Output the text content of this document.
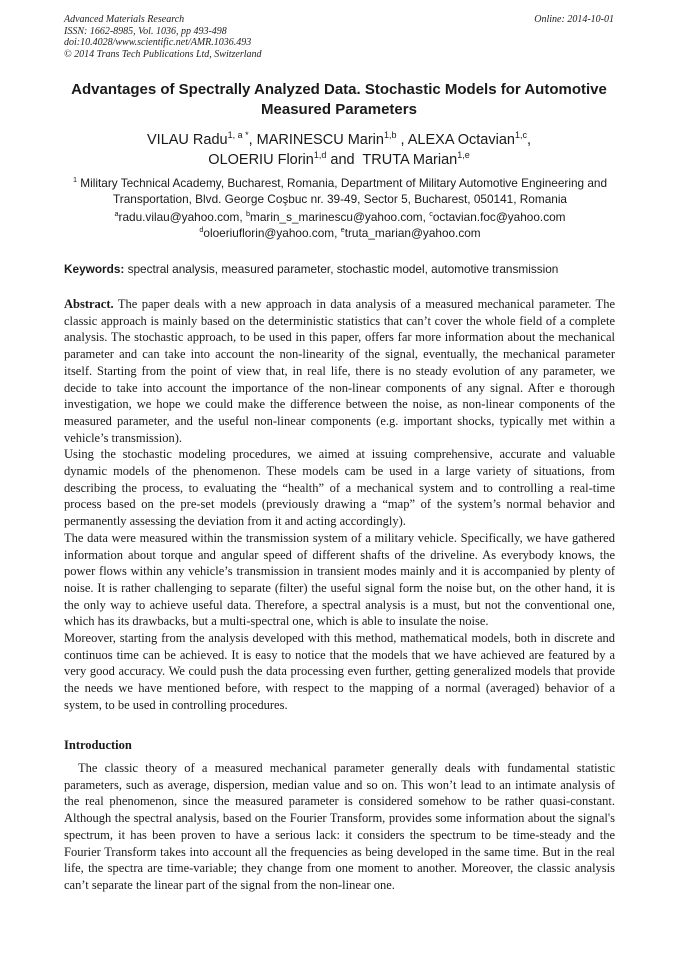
Advanced Materials Research
ISSN: 1662-8985, Vol. 1036, pp 493-498
doi:10.4028/www.scientific.net/AMR.1036.493
© 2014 Trans Tech Publications Ltd, Switzerland
Online: 2014-10-01
Advantages of Spectrally Analyzed Data. Stochastic Models for Automotive Measured Parameters
VILAU Radu$^{1, a *}$, MARINESCU Marin$^{1,b}$ , ALEXA Octavian$^{1,c}$,
OLOERIU Florin$^{1,d}$ and  TRUTA Marian$^{1,e}$
$^1$ Military Technical Academy, Bucharest, Romania, Department of Military Automotive Engineering and Transportation, Blvd. George Coşbuc nr. 39-49, Sector 5, Bucharest, 050141, Romania
$^a$radu.vilau@yahoo.com, $^b$marin_s_marinescu@yahoo.com, $^c$octavian.foc@yahoo.com
$^d$oloeriuflorin@yahoo.com, $^e$truta_marian@yahoo.com
Keywords: spectral analysis, measured parameter, stochastic model, automotive transmission

Abstract. The paper deals with a new approach in data analysis of a measured mechanical parameter. The classic approach is mainly based on the deterministic statistics that can’t cover the whole field of a complete analysis. The stochastic approach, to be used in this paper, offers far more information about the mechanical parameter and can take into account the non-linearity of the signal, eventually, the mechanical parameter itself. Starting from the point of view that, in real life, there is no steady evolution of any parameter, we decide to take into account the importance of the non-linear components of any signal. After e thorough investigation, we hope we could make the difference between the noise, as non-linear components of the measured parameter, and the useful non-linear components (e.g. important shocks, typically met within a vehicle’s transmission).

Using the stochastic modeling procedures, we aimed at issuing comprehensive, accurate and valuable dynamic models of the phenomenon. These models cam be used in a large variety of situations, from describing the process, to evaluating the “health” of a mechanical system and to controlling a real-time process based on the pre-set models (previously drawing a “map” of the system’s normal behavior and permanently assessing the deviation from it and acting accordingly).

The data were measured within the transmission system of a military vehicle. Specifically, we have gathered information about torque and angular speed of different shafts of the driveline. As everybody knows, the power flows within any vehicle’s transmission in transient modes mainly and it is accompanied by plenty of noise. It is rather challenging to separate (filter) the useful signal form the noise but, on the other hand, it is the only way to achieve useful data. Therefore, a spectral analysis is a must, but not the conventional one, which has its drawbacks, but a multi-spectral one, which is able to insulate the noise.

Moreover, starting from the analysis developed with this method, mathematical models, both in discrete and continuos time can be achieved. It is easy to notice that the models that we have achieved are featured by a very good accuracy. We could push the data processing even further, getting generalized models that provide the needs we have mentioned before, with respect to the mapping of a normal (averaged) behavior of a system, to be used in controlling procedures.

Introduction

The classic theory of a measured mechanical parameter generally deals with fundamental statistic parameters, such as average, dispersion, median value and so on. This won’t lead to an intimate analysis of the real phenomenon, since the measured parameter is considered somehow to be rather quasi-constant. Although the spectral analysis, based on the Fourier Transform, provides some information about the signal's spectrum, it has been proven to have a serious lack: it considers the spectrum to be time-steady and the Fourier Transform takes into account all the frequencies as being developed in the same time. But in the real life, the spectra are time-variable; they change from one moment to another. Moreover, the classic analysis can’t separate the linear part of the signal from the non-linear one.
